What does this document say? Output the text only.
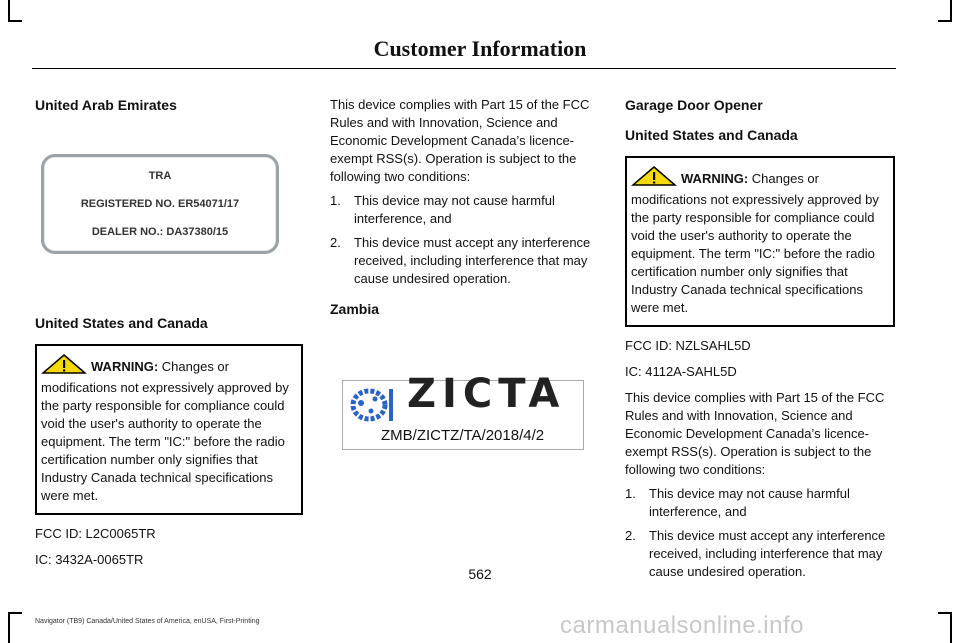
Customer Information
United Arab Emirates
TRA
REGISTERED NO. ER54071/17
DEALER NO.: DA37380/15
United States and Canada
WARNING: Changes or modifications not expressively approved by the party responsible for compliance could void the user's authority to operate the equipment. The term "IC:" before the radio certification number only signifies that Industry Canada technical specifications were met.

FCC ID: L2C0065TR

IC: 3432A-0065TR

This device complies with Part 15 of the FCC Rules and with Innovation, Science and Economic Development Canada’s licence-exempt RSS(s). Operation is subject to the following two conditions:

1. This device may not cause harmful interference, and
2. This device must accept any interference received, including interference that may cause undesired operation.
Zambia
ZICTA
ZMB/ZICTZ/TA/2018/4/2
Garage Door Opener
United States and Canada
WARNING: Changes or modifications not expressively approved by the party responsible for compliance could void the user's authority to operate the equipment. The term "IC:" before the radio certification number only signifies that Industry Canada technical specifications were met.

FCC ID: NZLSAHL5D

IC: 4112A-SAHL5D

This device complies with Part 15 of the FCC Rules and with Innovation, Science and Economic Development Canada’s licence-exempt RSS(s). Operation is subject to the following two conditions:

1. This device may not cause harmful interference, and
2. This device must accept any interference received, including interference that may cause undesired operation.
562
Navigator (TB9) Canada/United States of America, enUSA, First-Printing	carmanualsonline.info
